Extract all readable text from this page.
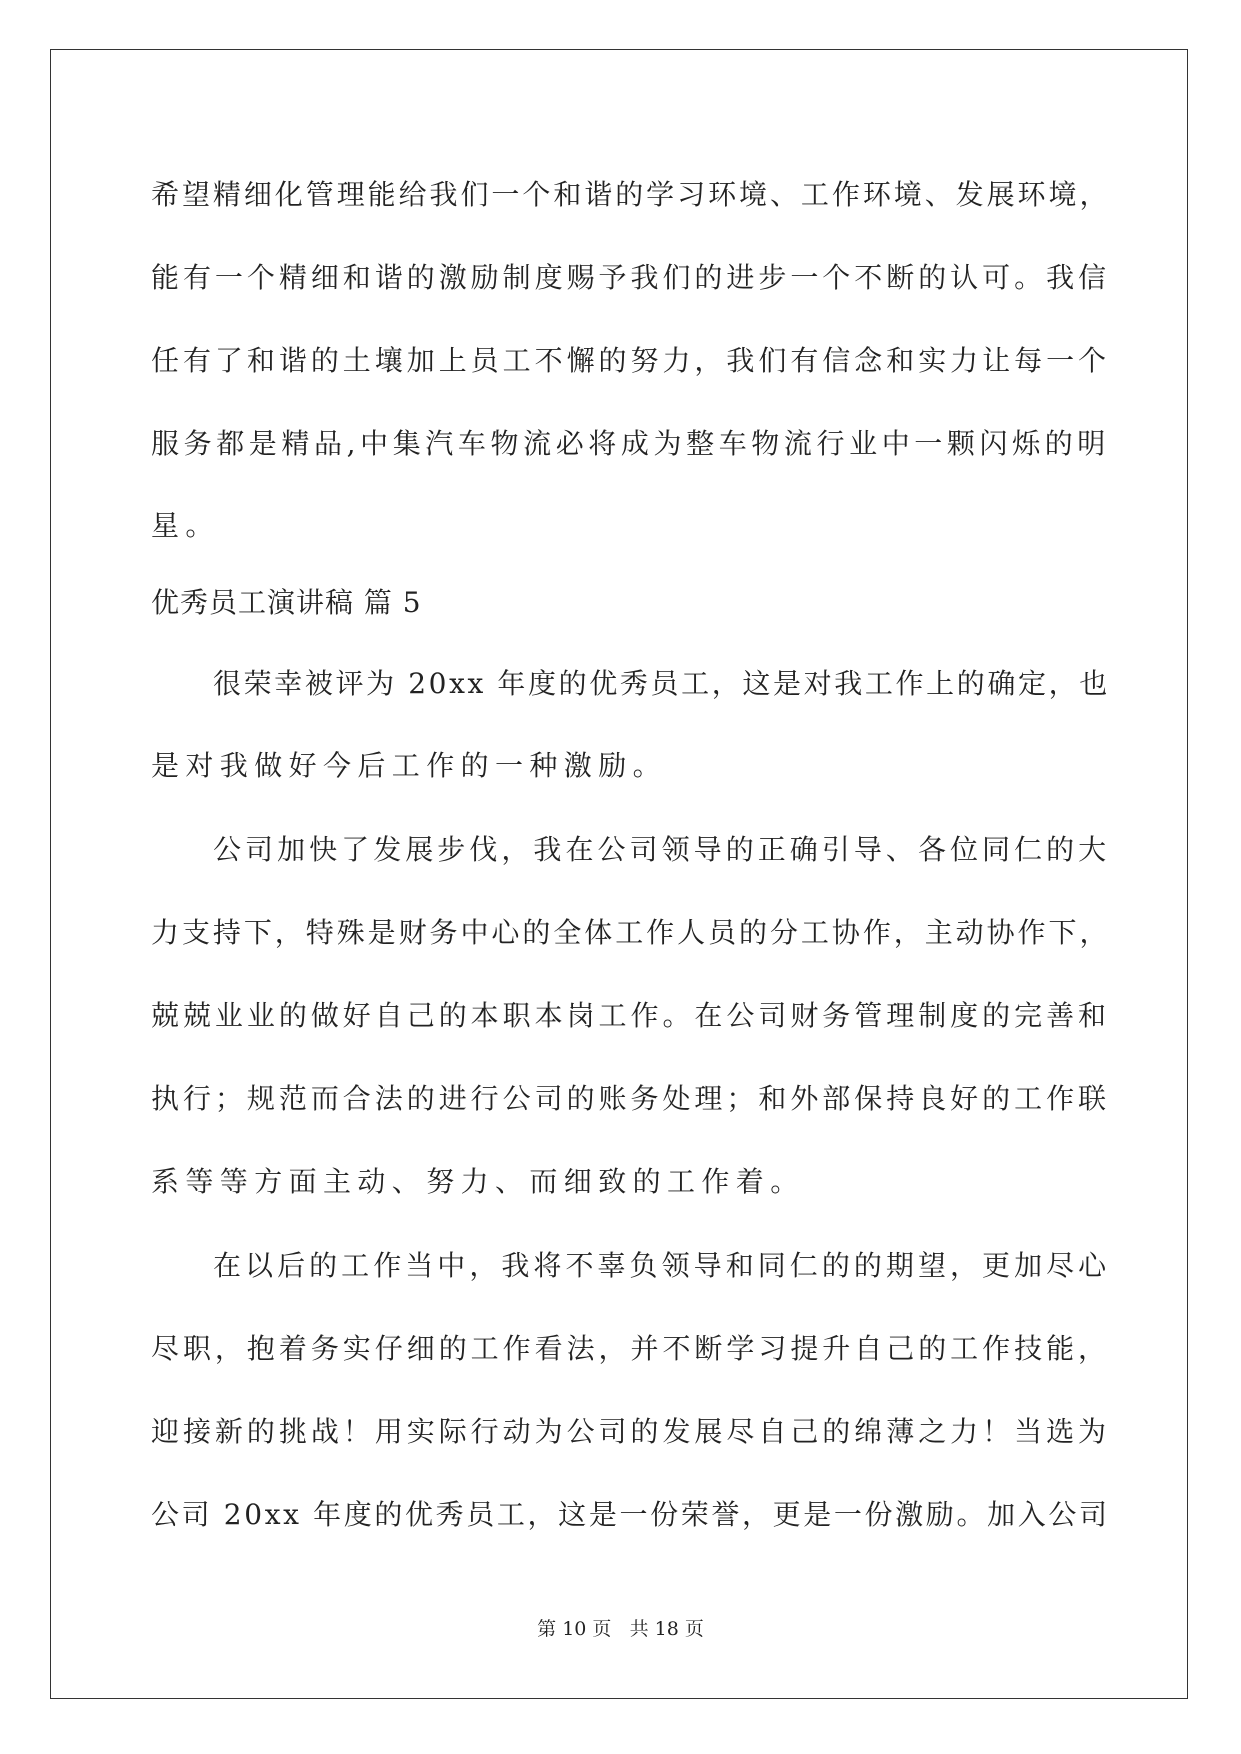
希望精细化管理能给我们一个和谐的学习环境、工作环境、发展环境，
能有一个精细和谐的激励制度赐予我们的进步一个不断的认可。我信
任有了和谐的土壤加上员工不懈的努力，我们有信念和实力让每一个
服务都是精品,中集汽车物流必将成为整车物流行业中一颗闪烁的明
星。
优秀员工演讲稿 篇 5
很荣幸被评为 20xx 年度的优秀员工，这是对我工作上的确定，也
是对我做好今后工作的一种激励。
公司加快了发展步伐，我在公司领导的正确引导、各位同仁的大
力支持下，特殊是财务中心的全体工作人员的分工协作，主动协作下，
兢兢业业的做好自己的本职本岗工作。在公司财务管理制度的完善和
执行；规范而合法的进行公司的账务处理；和外部保持良好的工作联
系等等方面主动、努力、而细致的工作着。
在以后的工作当中，我将不辜负领导和同仁的的期望，更加尽心
尽职，抱着务实仔细的工作看法，并不断学习提升自己的工作技能，
迎接新的挑战！用实际行动为公司的发展尽自己的绵薄之力！当选为
公司 20xx 年度的优秀员工，这是一份荣誉，更是一份激励。加入公司
第 10 页 共 18 页
